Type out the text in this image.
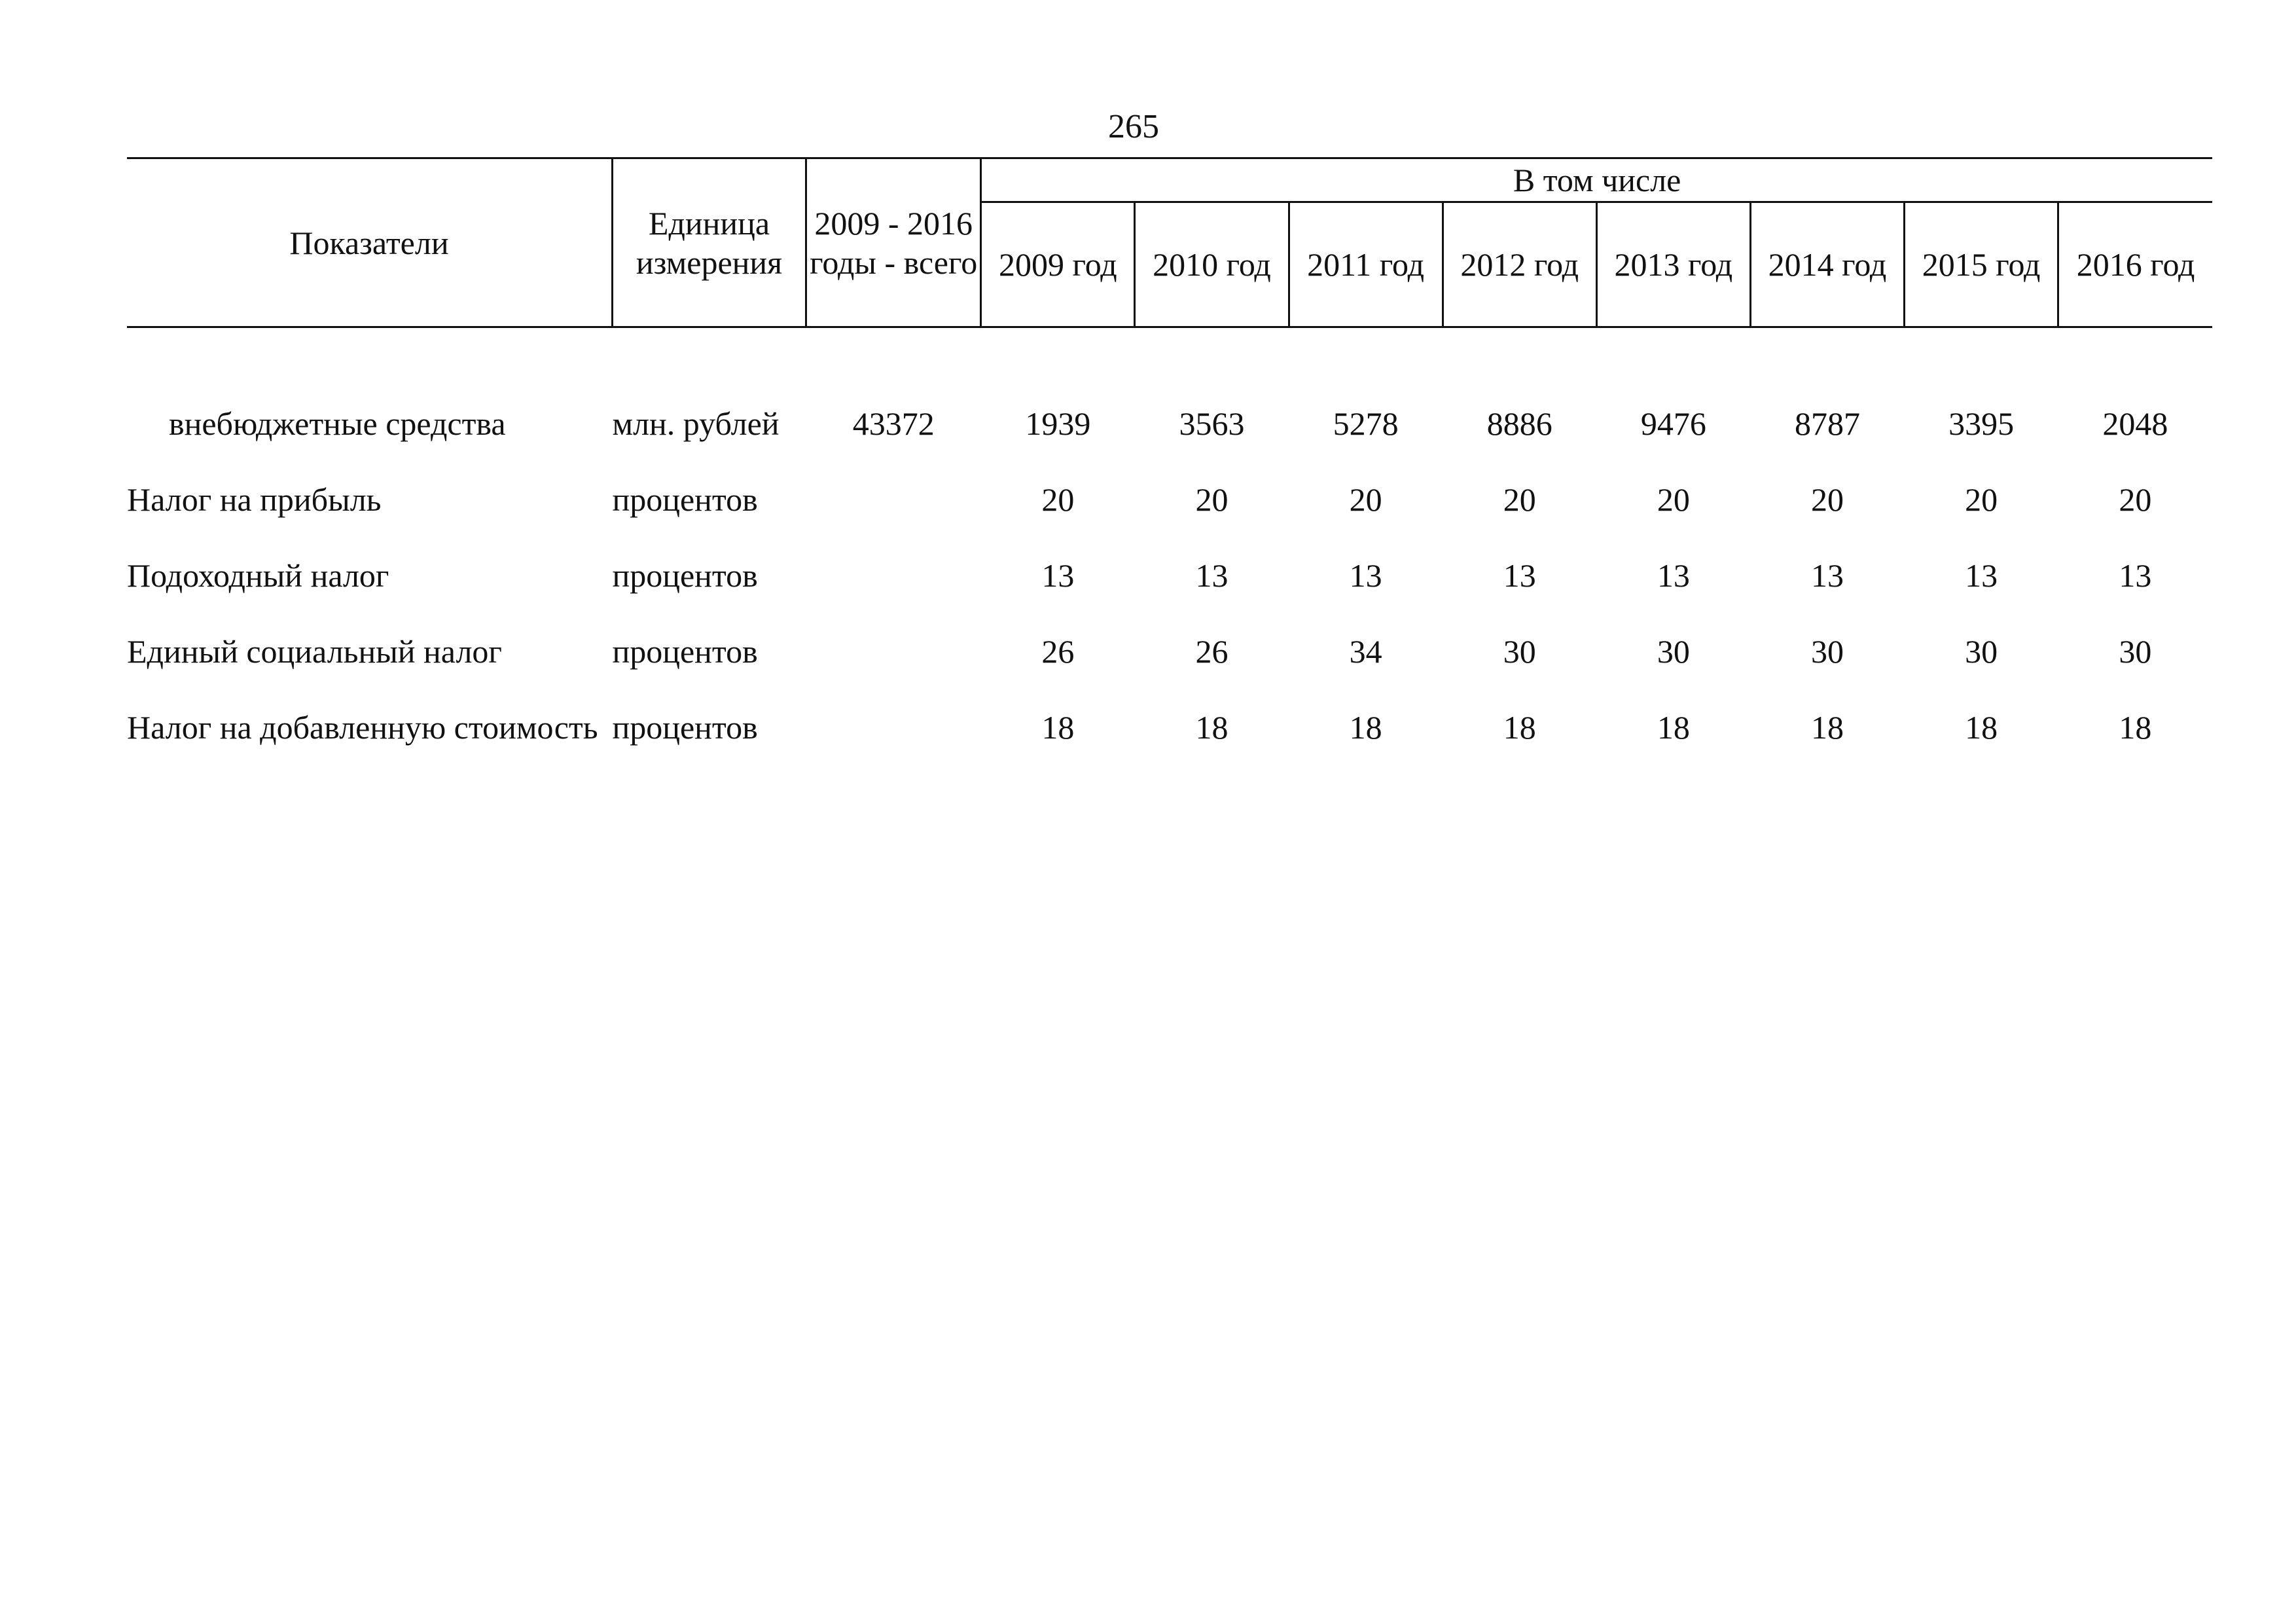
265
Показатели	Единица измерения	2009 - 2016 годы - всего	В том числе							
			2009 год	2010 год	2011 год	2012 год	2013 год	2014 год	2015 год	2016 год

внебюджетные средства	млн. рублей	43372	1939	3563	5278	8886	9476	8787	3395	2048
Налог на прибыль	процентов		20	20	20	20	20	20	20	20
Подоходный налог	процентов		13	13	13	13	13	13	13	13
Единый социальный налог	процентов		26	26	34	30	30	30	30	30
Налог на добавленную стоимость	процентов		18	18	18	18	18	18	18	18
